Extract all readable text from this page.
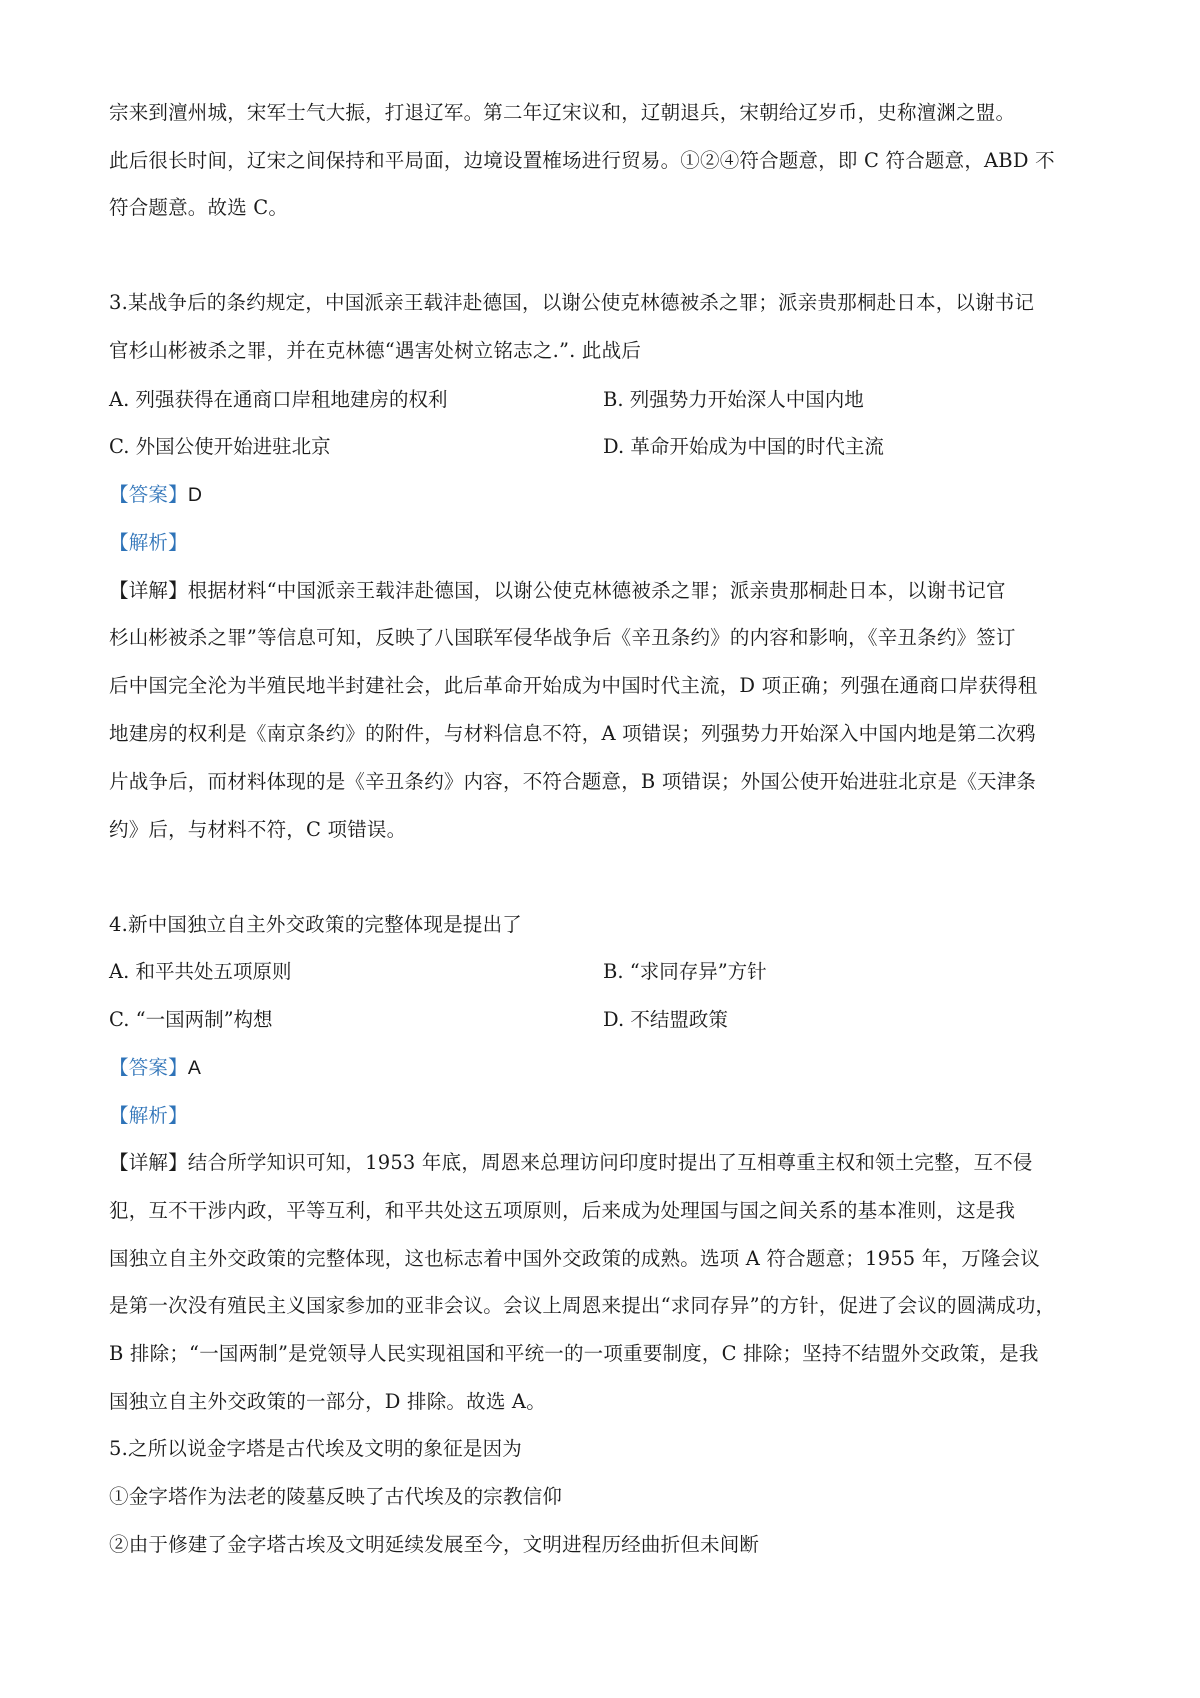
宗来到澶州城，宋军士气大振，打退辽军。第二年辽宋议和，辽朝退兵，宋朝给辽岁币，史称澶渊之盟。
此后很长时间，辽宋之间保持和平局面，边境设置榷场进行贸易。①②④符合题意，即 C 符合题意，ABD 不
符合题意。故选 C。
3.某战争后的条约规定，中国派亲王载沣赴德国，以谢公使克林德被杀之罪；派亲贵那桐赴日本，以谢书记
官杉山彬被杀之罪，并在克林德“遇害处树立铭志之.”. 此战后
A. 列强获得在通商口岸租地建房的权利	B. 列强势力开始深人中国内地
C. 外国公使开始进驻北京	D. 革命开始成为中国的时代主流
【答案】D
【解析】
【详解】根据材料“中国派亲王载沣赴德国，以谢公使克林德被杀之罪；派亲贵那桐赴日本，以谢书记官
杉山彬被杀之罪”等信息可知，反映了八国联军侵华战争后《辛丑条约》的内容和影响，《辛丑条约》签订
后中国完全沦为半殖民地半封建社会，此后革命开始成为中国时代主流，D 项正确；列强在通商口岸获得租
地建房的权利是《南京条约》的附件，与材料信息不符，A 项错误；列强势力开始深入中国内地是第二次鸦
片战争后，而材料体现的是《辛丑条约》内容，不符合题意，B 项错误；外国公使开始进驻北京是《天津条
约》后，与材料不符，C 项错误。
4.新中国独立自主外交政策的完整体现是提出了
A. 和平共处五项原则	B. “求同存异”方针
C. “一国两制”构想	D. 不结盟政策
【答案】A
【解析】
【详解】结合所学知识可知，1953 年底，周恩来总理访问印度时提出了互相尊重主权和领土完整，互不侵
犯，互不干涉内政，平等互利，和平共处这五项原则，后来成为处理国与国之间关系的基本准则，这是我
国独立自主外交政策的完整体现，这也标志着中国外交政策的成熟。选项 A 符合题意；1955 年，万隆会议
是第一次没有殖民主义国家参加的亚非会议。会议上周恩来提出“求同存异”的方针，促进了会议的圆满成功，
B 排除；“一国两制”是党领导人民实现祖国和平统一的一项重要制度，C 排除；坚持不结盟外交政策，是我
国独立自主外交政策的一部分，D 排除。故选 A。
5.之所以说金字塔是古代埃及文明的象征是因为
①金字塔作为法老的陵墓反映了古代埃及的宗教信仰
②由于修建了金字塔古埃及文明延续发展至今，文明进程历经曲折但未间断
